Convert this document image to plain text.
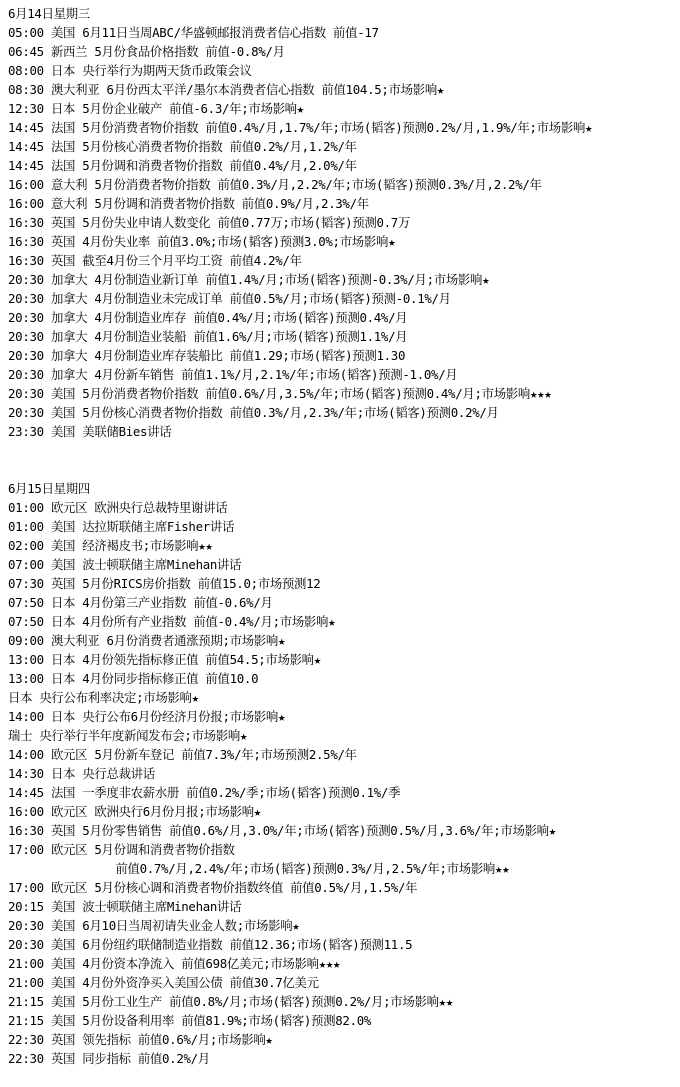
6月14日星期三
05:00 美国 6月11日当周ABC/华盛顿邮报消费者信心指数 前值-17
06:45 新西兰 5月份食品价格指数 前值-0.8%/月
08:00 日本 央行举行为期两天货币政策会议
08:30 澳大利亚 6月份西太平洋/墨尔本消费者信心指数 前值104.5;市场影响★
12:30 日本 5月份企业破产 前值-6.3/年;市场影响★
14:45 法国 5月份消费者物价指数 前值0.4%/月,1.7%/年;市场(韬客)预测0.2%/月,1.9%/年;市场影响★
14:45 法国 5月份核心消费者物价指数 前值0.2%/月,1.2%/年
14:45 法国 5月份调和消费者物价指数 前值0.4%/月,2.0%/年
16:00 意大利 5月份消费者物价指数 前值0.3%/月,2.2%/年;市场(韬客)预测0.3%/月,2.2%/年
16:00 意大利 5月份调和消费者物价指数 前值0.9%/月,2.3%/年
16:30 英国 5月份失业申请人数变化 前值0.77万;市场(韬客)预测0.7万
16:30 英国 4月份失业率 前值3.0%;市场(韬客)预测3.0%;市场影响★
16:30 英国 截至4月份三个月平均工资 前值4.2%/年
20:30 加拿大 4月份制造业新订单 前值1.4%/月;市场(韬客)预测-0.3%/月;市场影响★
20:30 加拿大 4月份制造业未完成订单 前值0.5%/月;市场(韬客)预测-0.1%/月
20:30 加拿大 4月份制造业库存 前值0.4%/月;市场(韬客)预测0.4%/月
20:30 加拿大 4月份制造业装船 前值1.6%/月;市场(韬客)预测1.1%/月
20:30 加拿大 4月份制造业库存装船比 前值1.29;市场(韬客)预测1.30
20:30 加拿大 4月份新车销售 前值1.1%/月,2.1%/年;市场(韬客)预测-1.0%/月
20:30 美国 5月份消费者物价指数 前值0.6%/月,3.5%/年;市场(韬客)预测0.4%/月;市场影响★★★
20:30 美国 5月份核心消费者物价指数 前值0.3%/月,2.3%/年;市场(韬客)预测0.2%/月
23:30 美国 美联储Bies讲话
6月15日星期四
01:00 欧元区 欧洲央行总裁特里谢讲话
01:00 美国 达拉斯联储主席Fisher讲话
02:00 美国 经济褐皮书;市场影响★★
07:00 美国 波士顿联储主席Minehan讲话
07:30 英国 5月份RICS房价指数 前值15.0;市场预测12
07:50 日本 4月份第三产业指数 前值-0.6%/月
07:50 日本 4月份所有产业指数 前值-0.4%/月;市场影响★
09:00 澳大利亚 6月份消费者通涨预期;市场影响★
13:00 日本 4月份领先指标修正值 前值54.5;市场影响★
13:00 日本 4月份同步指标修正值 前值10.0
日本 央行公布利率决定;市场影响★
14:00 日本 央行公布6月份经济月份报;市场影响★
瑞士 央行举行半年度新闻发布会;市场影响★
14:00 欧元区 5月份新车登记 前值7.3%/年;市场预测2.5%/年
14:30 日本 央行总裁讲话
14:45 法国 一季度非农薪水册 前值0.2%/季;市场(韬客)预测0.1%/季
16:00 欧元区 欧洲央行6月份月报;市场影响★
16:30 英国 5月份零售销售 前值0.6%/月,3.0%/年;市场(韬客)预测0.5%/月,3.6%/年;市场影响★
17:00 欧元区 5月份调和消费者物价指数
前值0.7%/月,2.4%/年;市场(韬客)预测0.3%/月,2.5%/年;市场影响★★
17:00 欧元区 5月份核心调和消费者物价指数终值 前值0.5%/月,1.5%/年
20:15 美国 波士顿联储主席Minehan讲话
20:30 美国 6月10日当周初请失业金人数;市场影响★
20:30 美国 6月份纽约联储制造业指数 前值12.36;市场(韬客)预测11.5
21:00 美国 4月份资本净流入 前值698亿美元;市场影响★★★
21:00 美国 4月份外资净买入美国公债 前值30.7亿美元
21:15 美国 5月份工业生产 前值0.8%/月;市场(韬客)预测0.2%/月;市场影响★★
21:15 美国 5月份设备利用率 前值81.9%;市场(韬客)预测82.0%
22:30 英国 领先指标 前值0.6%/月;市场影响★
22:30 英国 同步指标 前值0.2%/月
